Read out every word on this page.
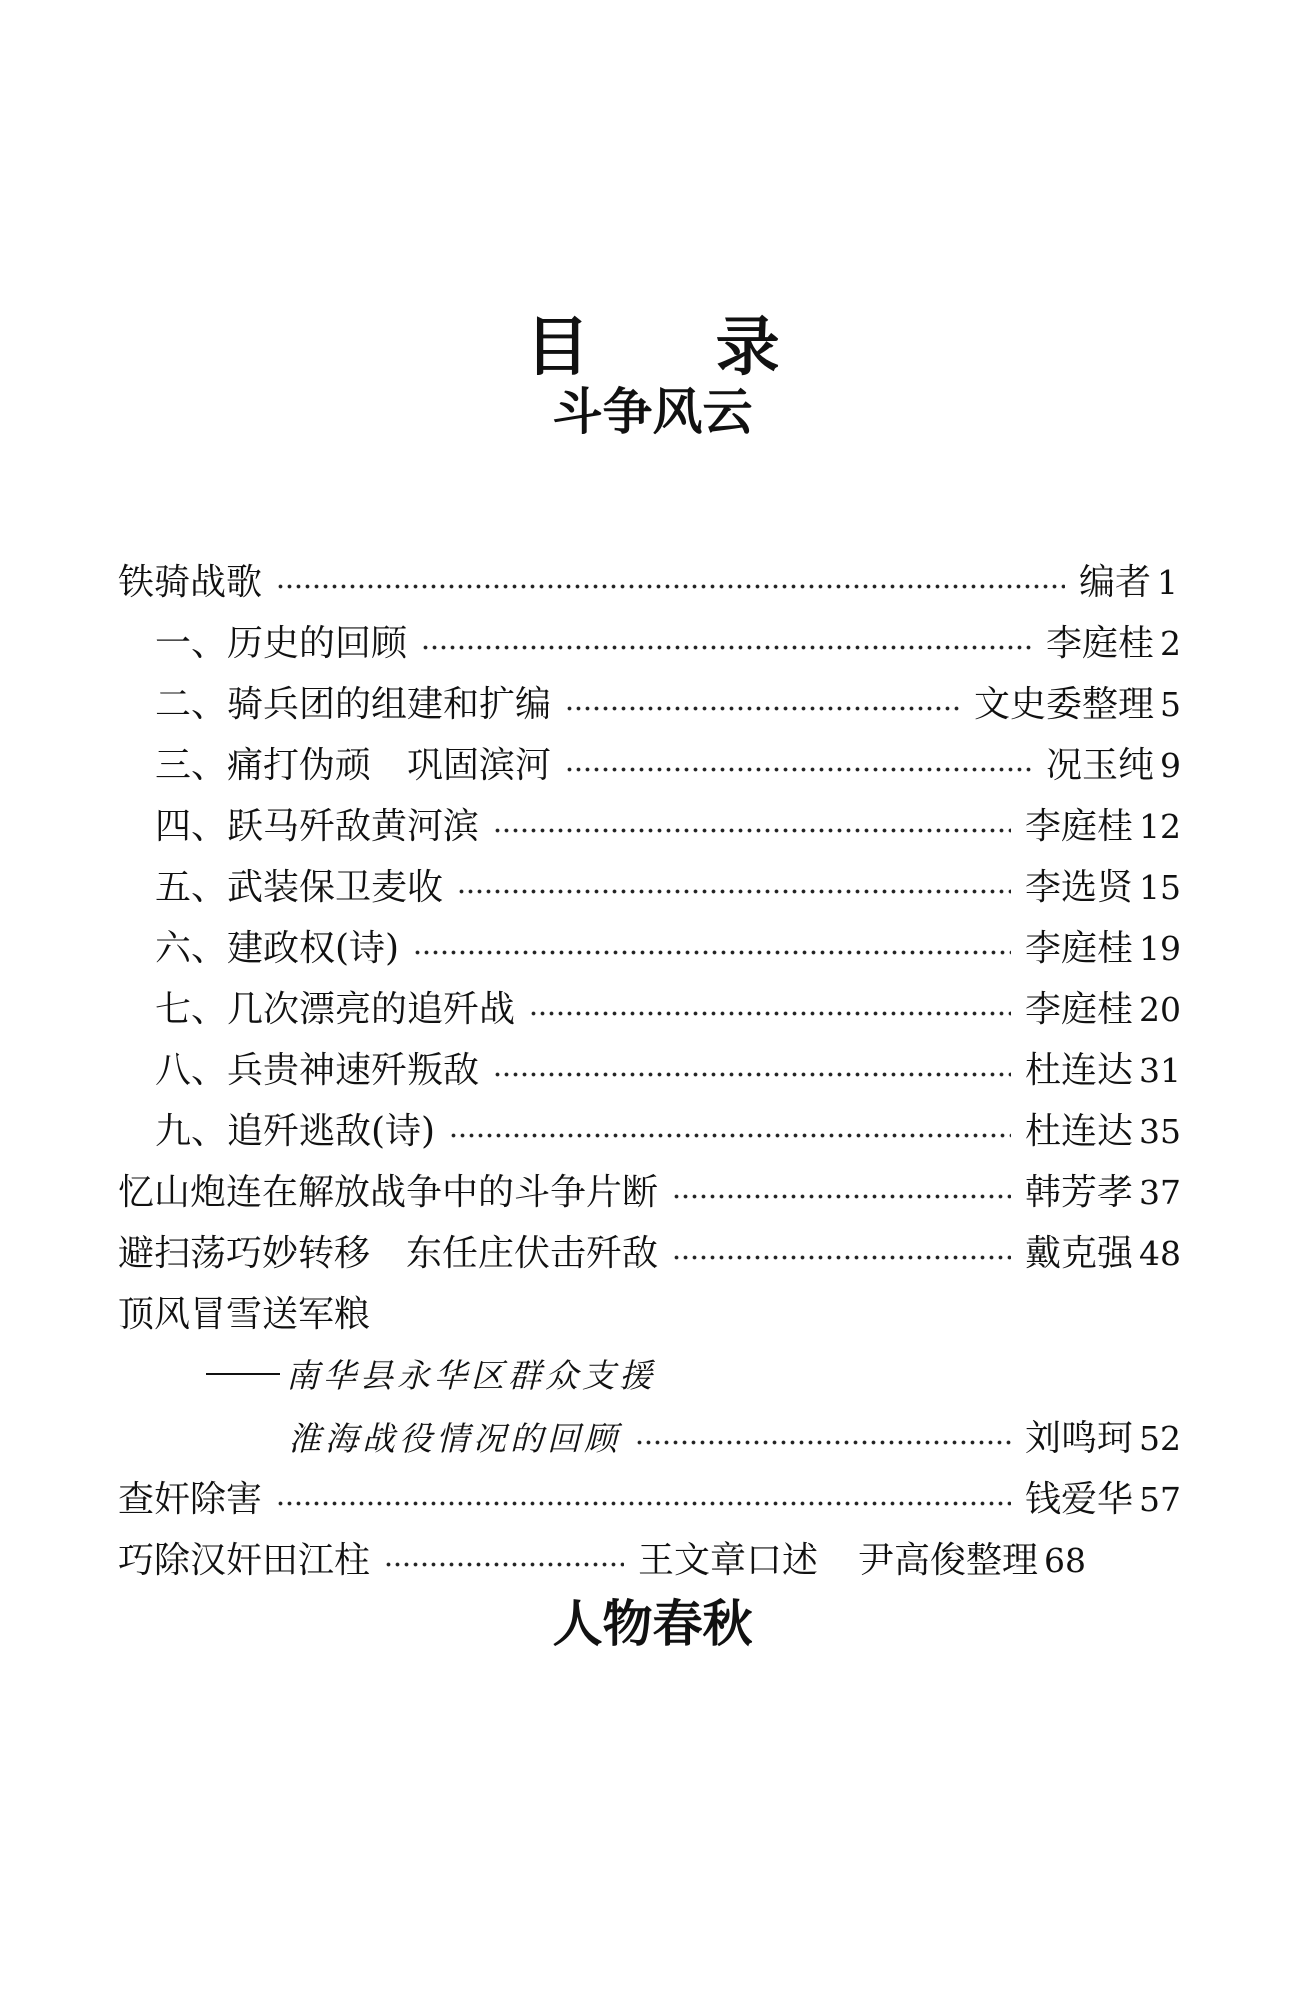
目 录
斗争风云
铁骑战歌	编者 1
一、历史的回顾	李庭桂 2
二、骑兵团的组建和扩编	文史委整理 5
三、痛打伪顽　巩固滨河	况玉纯 9
四、跃马歼敌黄河滨	李庭桂 12
五、武装保卫麦收	李选贤 15
六、建政权(诗)	李庭桂 19
七、几次漂亮的追歼战	李庭桂 20
八、兵贵神速歼叛敌	杜连达 31
九、追歼逃敌(诗)	杜连达 35
忆山炮连在解放战争中的斗争片断	韩芳孝 37
避扫荡巧妙转移　东任庄伏击歼敌	戴克强 48
顶风冒雪送军粮
南华县永华区群众支援
淮海战役情况的回顾	刘鸣珂 52
查奸除害	钱爱华 57
巧除汉奸田江柱	王文章口述 尹高俊整理 68
人物春秋
